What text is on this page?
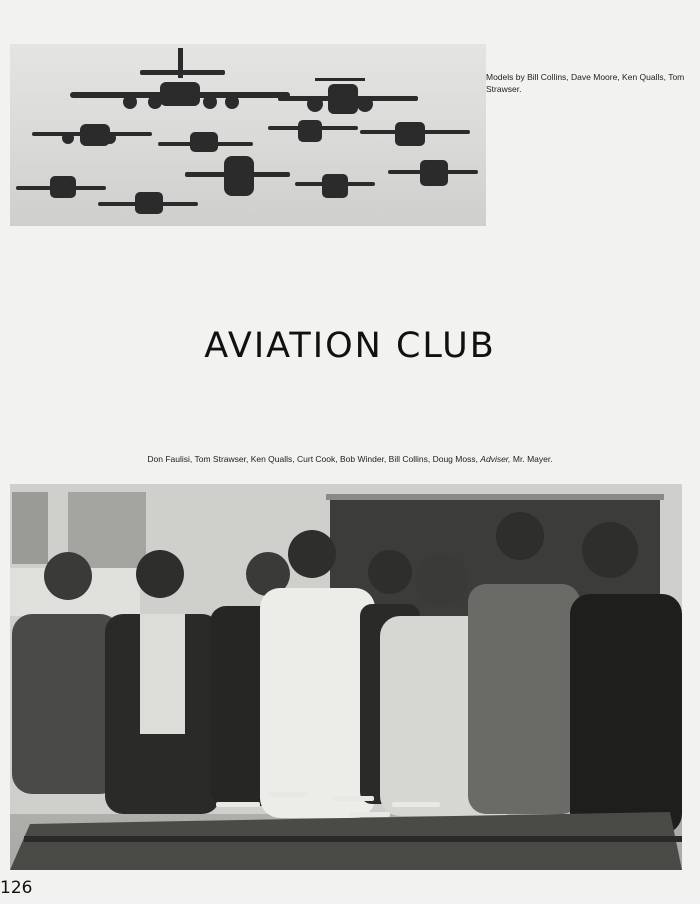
Models by Bill Collins, Dave Moore, Ken Qualls, Tom Strawser.
AVIATION CLUB
Don Faulisi, Tom Strawser, Ken Qualls, Curt Cook, Bob Winder, Bill Collins, Doug Moss, Adviser, Mr. Mayer.
126
